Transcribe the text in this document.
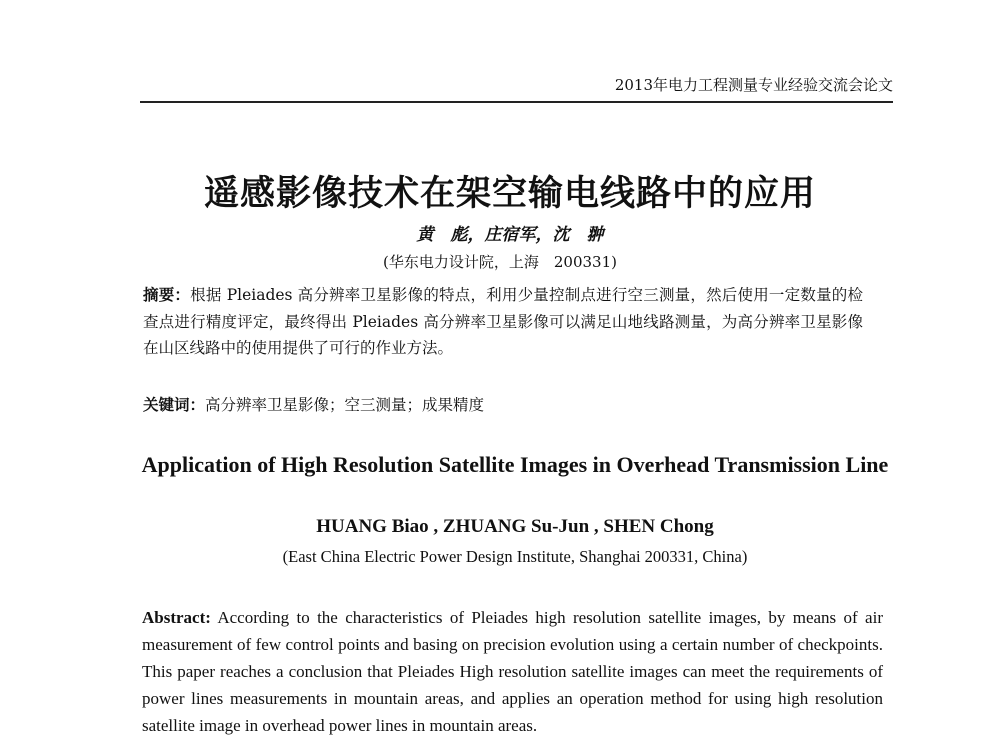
2013年电力工程测量专业经验交流会论文
遥感影像技术在架空输电线路中的应用
黄　彪，庄宿军，沈　翀
(华东电力设计院，上海　200331)
摘要：根据 Pleiades 高分辨率卫星影像的特点，利用少量控制点进行空三测量，然后使用一定数量的检查点进行精度评定，最终得出 Pleiades 高分辨率卫星影像可以满足山地线路测量，为高分辨率卫星影像在山区线路中的使用提供了可行的作业方法。
关键词：高分辨率卫星影像；空三测量；成果精度
Application of High Resolution Satellite Images in Overhead Transmission Line
HUANG Biao , ZHUANG Su-Jun , SHEN Chong
(East China Electric Power Design Institute, Shanghai 200331, China)
Abstract: According to the characteristics of Pleiades high resolution satellite images, by means of air measurement of few control points and basing on precision evolution using a certain number of checkpoints. This paper reaches a conclusion that Pleiades High resolution satellite images can meet the requirements of power lines measurements in mountain areas, and applies an operation method for using high resolution satellite image in overhead power lines in mountain areas.
